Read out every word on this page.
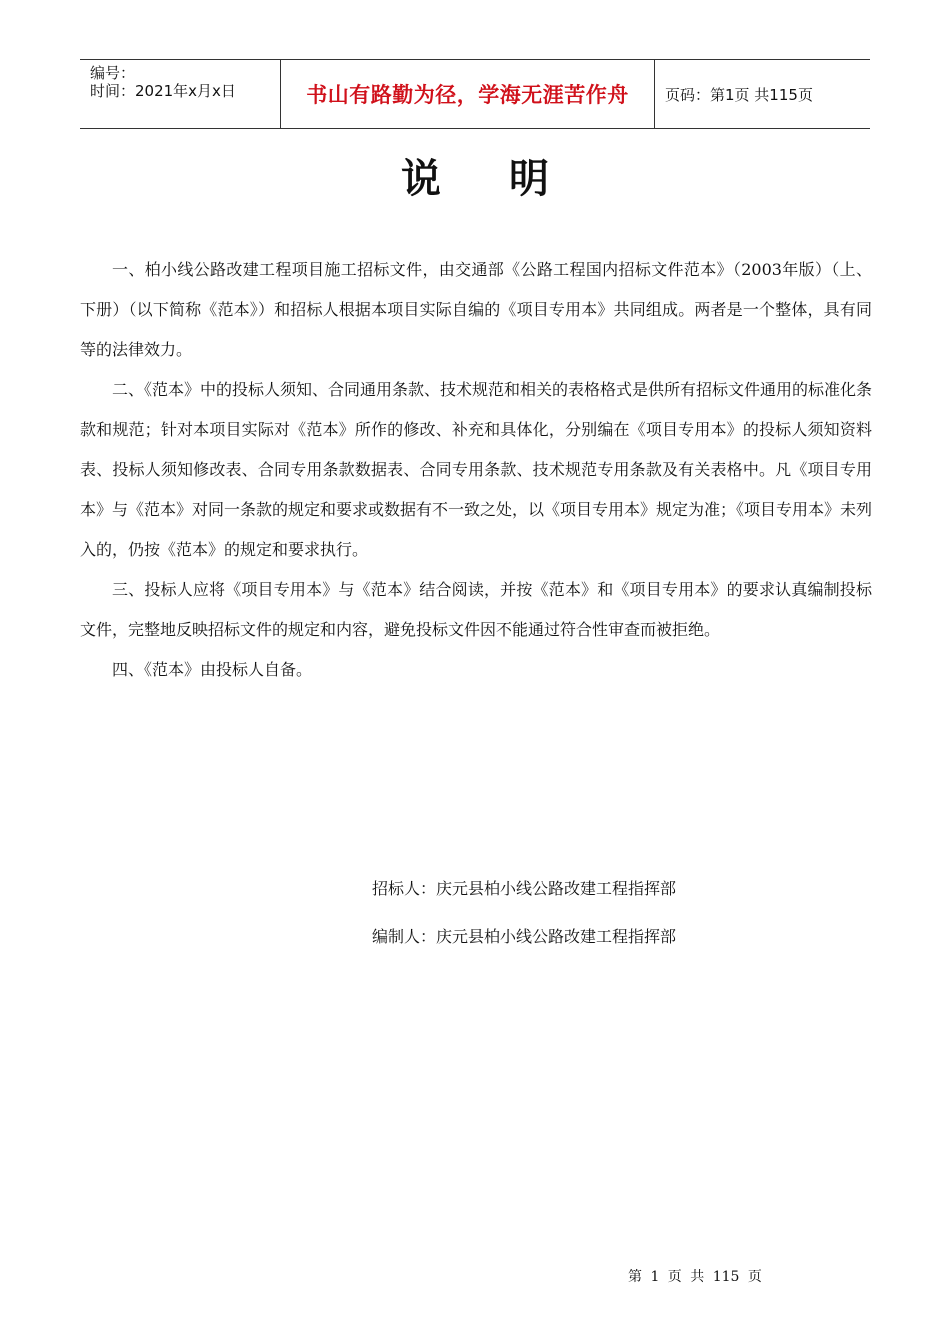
编号：
时间：2021年x月x日	书山有路勤为径，学海无涯苦作舟 页码：第1页 共115页
说 明

一、柏小线公路改建工程项目施工招标文件，由交通部《公路工程国内招标文件范本》（2003年版）（上、下册）（以下简称《范本》）和招标人根据本项目实际自编的《项目专用本》共同组成。两者是一个整体，具有同等的法律效力。

二、《范本》中的投标人须知、合同通用条款、技术规范和相关的表格格式是供所有招标文件通用的标准化条款和规范；针对本项目实际对《范本》所作的修改、补充和具体化，分别编在《项目专用本》的投标人须知资料表、投标人须知修改表、合同专用条款数据表、合同专用条款、技术规范专用条款及有关表格中。凡《项目专用本》与《范本》对同一条款的规定和要求或数据有不一致之处，以《项目专用本》规定为准；《项目专用本》未列入的，仍按《范本》的规定和要求执行。

三、投标人应将《项目专用本》与《范本》结合阅读，并按《范本》和《项目专用本》的要求认真编制投标文件，完整地反映招标文件的规定和内容，避免投标文件因不能通过符合性审查而被拒绝。

四、《范本》由投标人自备。

招标人：庆元县柏小线公路改建工程指挥部
编制人：庆元县柏小线公路改建工程指挥部
第 1 页 共 115 页
